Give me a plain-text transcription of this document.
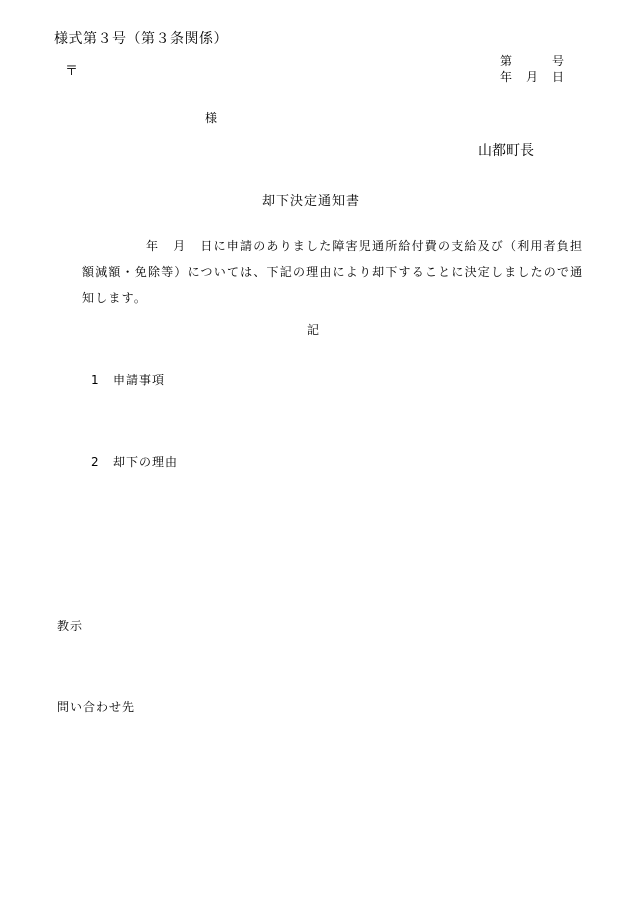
様式第３号（第３条関係）
〒
第	号
年 月 日
様
山都町長
却下決定通知書
年 月 日に申請のありました障害児通所給付費の支給及び（利用者負担
額減額・免除等）については、下記の理由により却下することに決定しましたので通
知します。
記
1 申請事項
2 却下の理由
教示
問い合わせ先
